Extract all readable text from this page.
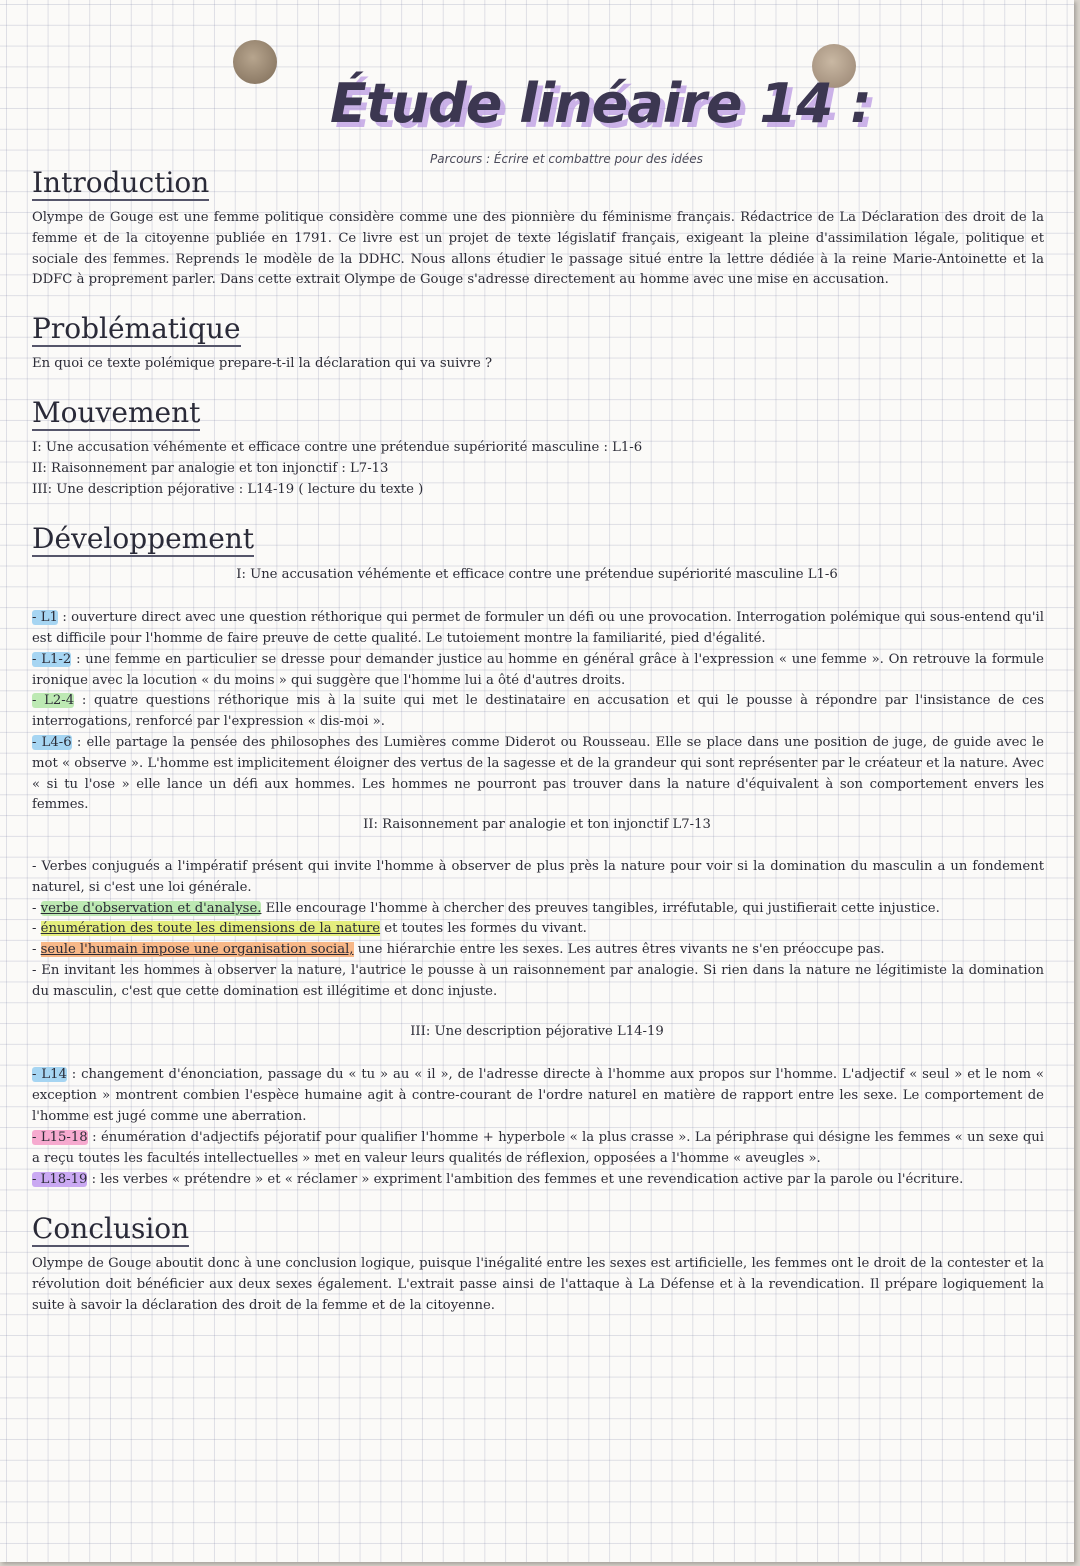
Étude linéaire 14 :
Parcours : Écrire et combattre pour des idées
Introduction

Olympe de Gouge est une femme politique considère comme une des pionnière du féminisme français. Rédactrice de La Déclaration des droit de la femme et de la citoyenne publiée en 1791. Ce livre est un projet de texte législatif français, exigeant la pleine d'assimilation légale, politique et sociale des femmes. Reprends le modèle de la DDHC. Nous allons étudier le passage situé entre la lettre dédiée à la reine Marie-Antoinette et la DDFC à proprement parler. Dans cette extrait Olympe de Gouge s'adresse directement au homme avec une mise en accusation.

Problématique

En quoi ce texte polémique prepare-t-il la déclaration qui va suivre ?

Mouvement

I: Une accusation véhémente et efficace contre une prétendue supériorité masculine : L1-6

II: Raisonnement par analogie et ton injonctif : L7-13

III: Une description péjorative : L14-19 ( lecture du texte )

Développement
I: Une accusation véhémente et efficace contre une prétendue supériorité masculine L1-6

- L1 : ouverture direct avec une question réthorique qui permet de formuler un défi ou une provocation. Interrogation polémique qui sous-entend qu'il est difficile pour l'homme de faire preuve de cette qualité. Le tutoiement montre la familiarité, pied d'égalité.

- L1-2 : une femme en particulier se dresse pour demander justice au homme en général grâce à l'expression « une femme ». On retrouve la formule ironique avec la locution « du moins » qui suggère que l'homme lui a ôté d'autres droits.

- L2-4 : quatre questions réthorique mis à la suite qui met le destinataire en accusation et qui le pousse à répondre par l'insistance de ces interrogations, renforcé par l'expression « dis-moi ».

- L4-6 : elle partage la pensée des philosophes des Lumières comme Diderot ou Rousseau. Elle se place dans une position de juge, de guide avec le mot « observe ». L'homme est implicitement éloigner des vertus de la sagesse et de la grandeur qui sont représenter par le créateur et la nature. Avec « si tu l'ose » elle lance un défi aux hommes. Les hommes ne pourront pas trouver dans la nature d'équivalent à son comportement envers les femmes.

II: Raisonnement par analogie et ton injonctif L7-13

- Verbes conjugués a l'impératif présent qui invite l'homme à observer de plus près la nature pour voir si la domination du masculin a un fondement naturel, si c'est une loi générale.

- verbe d'observation et d'analyse. Elle encourage l'homme à chercher des preuves tangibles, irréfutable, qui justifierait cette injustice.

- énumération des toute les dimensions de la nature et toutes les formes du vivant.

- seule l'humain impose une organisation social, une hiérarchie entre les sexes. Les autres êtres vivants ne s'en préoccupe pas.

- En invitant les hommes à observer la nature, l'autrice le pousse à un raisonnement par analogie. Si rien dans la nature ne légitimiste la domination du masculin, c'est que cette domination est illégitime et donc injuste.

III: Une description péjorative L14-19

- L14 : changement d'énonciation, passage du « tu » au « il », de l'adresse directe à l'homme aux propos sur l'homme. L'adjectif « seul » et le nom « exception » montrent combien l'espèce humaine agit à contre-courant de l'ordre naturel en matière de rapport entre les sexe. Le comportement de l'homme est jugé comme une aberration.

- L15-18 : énumération d'adjectifs péjoratif pour qualifier l'homme + hyperbole « la plus crasse ». La périphrase qui désigne les femmes « un sexe qui a reçu toutes les facultés intellectuelles » met en valeur leurs qualités de réflexion, opposées a l'homme « aveugles ».

- L18-19 : les verbes « prétendre » et « réclamer » expriment l'ambition des femmes et une revendication active par la parole ou l'écriture.

Conclusion

Olympe de Gouge aboutit donc à une conclusion logique, puisque l'inégalité entre les sexes est artificielle, les femmes ont le droit de la contester et la révolution doit bénéficier aux deux sexes également. L'extrait passe ainsi de l'attaque à La Défense et à la revendication. Il prépare logiquement la suite à savoir la déclaration des droit de la femme et de la citoyenne.
